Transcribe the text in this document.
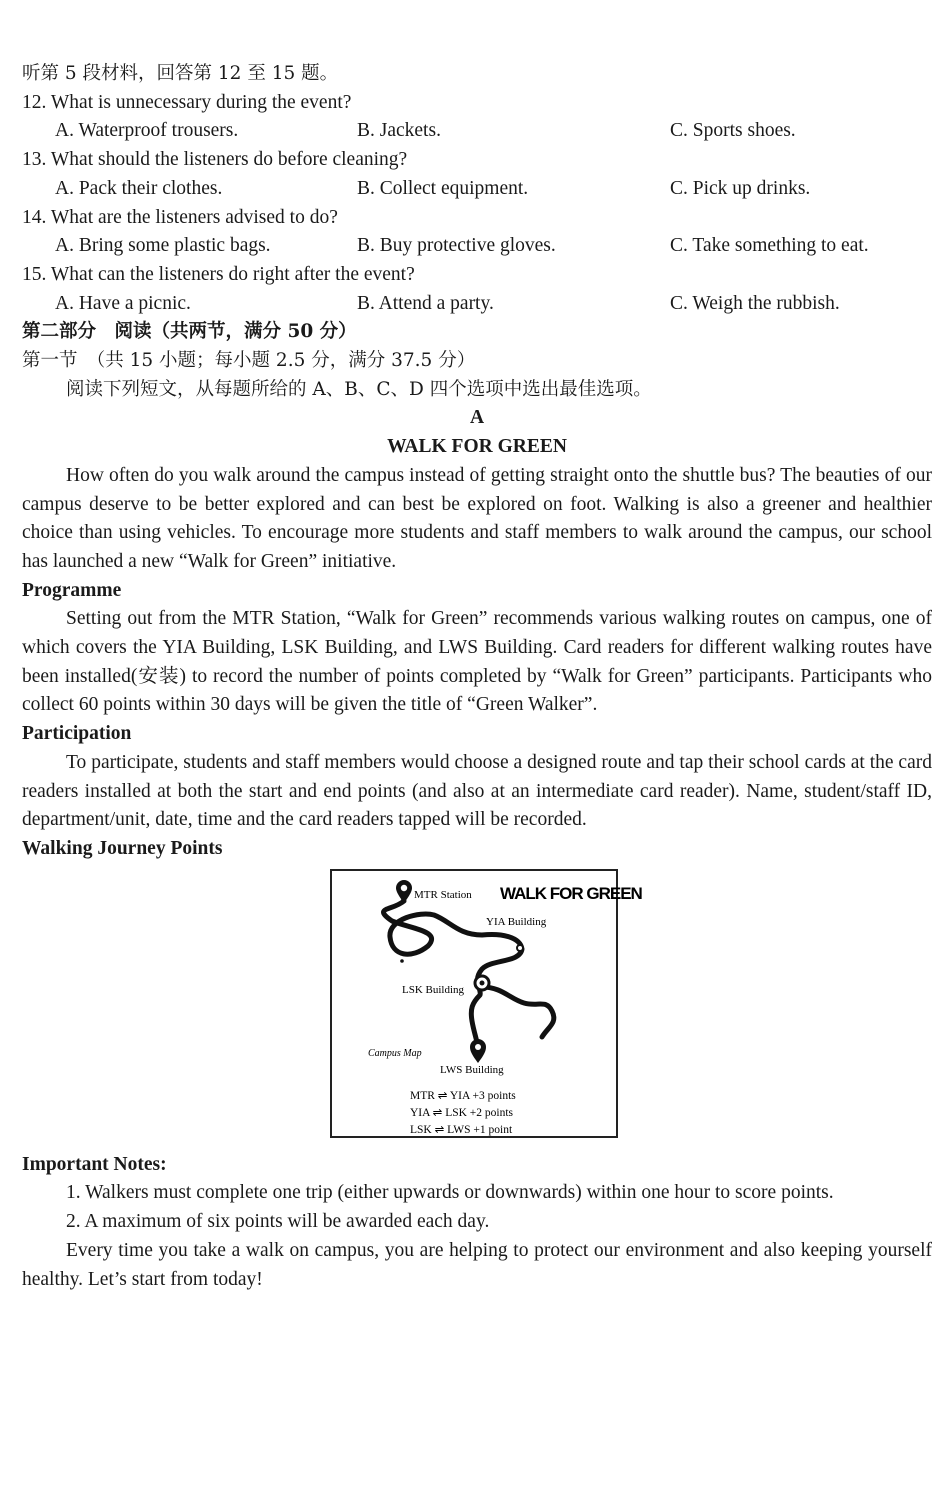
听第 5 段材料，回答第 12 至 15 题。
12. What is unnecessary during the event?
A. Waterproof trousers.	B. Jackets.	C. Sports shoes.
13. What should the listeners do before cleaning?
A. Pack their clothes.	B. Collect equipment.	C. Pick up drinks.
14. What are the listeners advised to do?
A. Bring some plastic bags.	B. Buy protective gloves.	C. Take something to eat.
15. What can the listeners do right after the event?
A. Have a picnic.	B. Attend a party.	C. Weigh the rubbish.
第二部分　阅读（共两节，满分 50 分）
第一节　（共 15 小题；每小题 2.5 分，满分 37.5 分）
阅读下列短文，从每题所给的 A、B、C、D 四个选项中选出最佳选项。
A
WALK FOR GREEN

How often do you walk around the campus instead of getting straight onto the shuttle bus? The beauties of our campus deserve to be better explored and can best be explored on foot. Walking is also a greener and healthier choice than using vehicles. To encourage more students and staff members to walk around the campus, our school has launched a new “Walk for Green” initiative.

Programme

Setting out from the MTR Station, “Walk for Green” recommends various walking routes on campus, one of which covers the YIA Building, LSK Building, and LWS Building. Card readers for different walking routes have been installed(安装) to record the number of points completed by “Walk for Green” participants. Participants who collect 60 points within 30 days will be given the title of “Green Walker”.

Participation

To participate, students and staff members would choose a designed route and tap their school cards at the card readers installed at both the start and end points (and also at an intermediate card reader). Name, student/staff ID, department/unit, date, time and the card readers tapped will be recorded.

Walking Journey Points
WALK FOR GREEN
MTR Station
YIA Building
LSK Building
Campus Map
LWS Building
MTR ⇌ YIA +3 points
YIA ⇌ LSK +2 points
LSK ⇌ LWS +1 point
Important Notes:

1. Walkers must complete one trip (either upwards or downwards) within one hour to score points.

2. A maximum of six points will be awarded each day.

Every time you take a walk on campus, you are helping to protect our environment and also keeping yourself healthy. Let’s start from today!
